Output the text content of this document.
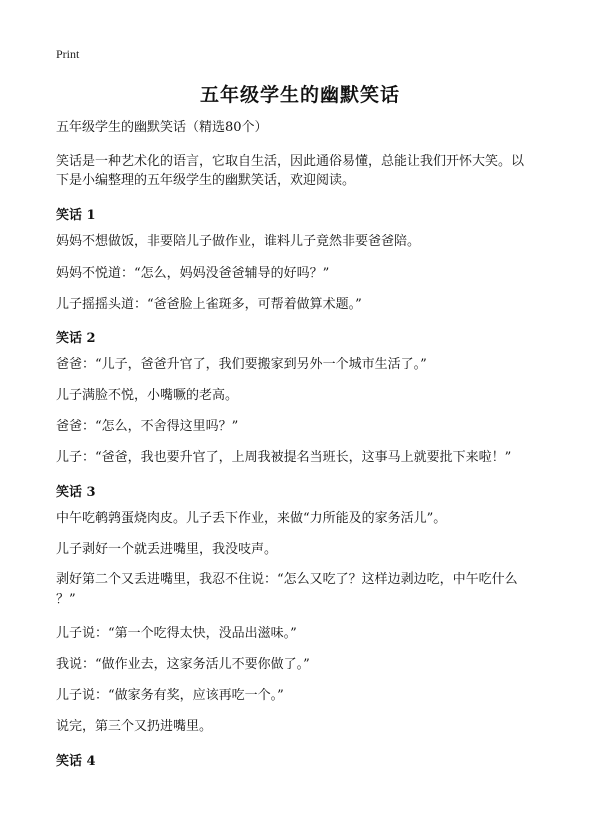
Print
五年级学生的幽默笑话
五年级学生的幽默笑话（精选80个）
笑话是一种艺术化的语言，它取自生活，因此通俗易懂，总能让我们开怀大笑。以
下是小编整理的五年级学生的幽默笑话，欢迎阅读。
笑话 1
妈妈不想做饭，非要陪儿子做作业，谁料儿子竟然非要爸爸陪。
妈妈不悦道：“怎么，妈妈没爸爸辅导的好吗？”
儿子摇摇头道：“爸爸脸上雀斑多，可帮着做算术题。”
笑话 2
爸爸：“儿子，爸爸升官了，我们要搬家到另外一个城市生活了。”
儿子满脸不悦，小嘴噘的老高。
爸爸：“怎么，不舍得这里吗？”
儿子：“爸爸，我也要升官了，上周我被提名当班长，这事马上就要批下来啦！”
笑话 3
中午吃鹌鹑蛋烧肉皮。儿子丢下作业，来做“力所能及的家务活儿”。
儿子剥好一个就丢进嘴里，我没吱声。
剥好第二个又丢进嘴里，我忍不住说：“怎么又吃了？这样边剥边吃，中午吃什么
？”
儿子说：“第一个吃得太快，没品出滋味。”
我说：“做作业去，这家务活儿不要你做了。”
儿子说：“做家务有奖，应该再吃一个。”
说完，第三个又扔进嘴里。
笑话 4
